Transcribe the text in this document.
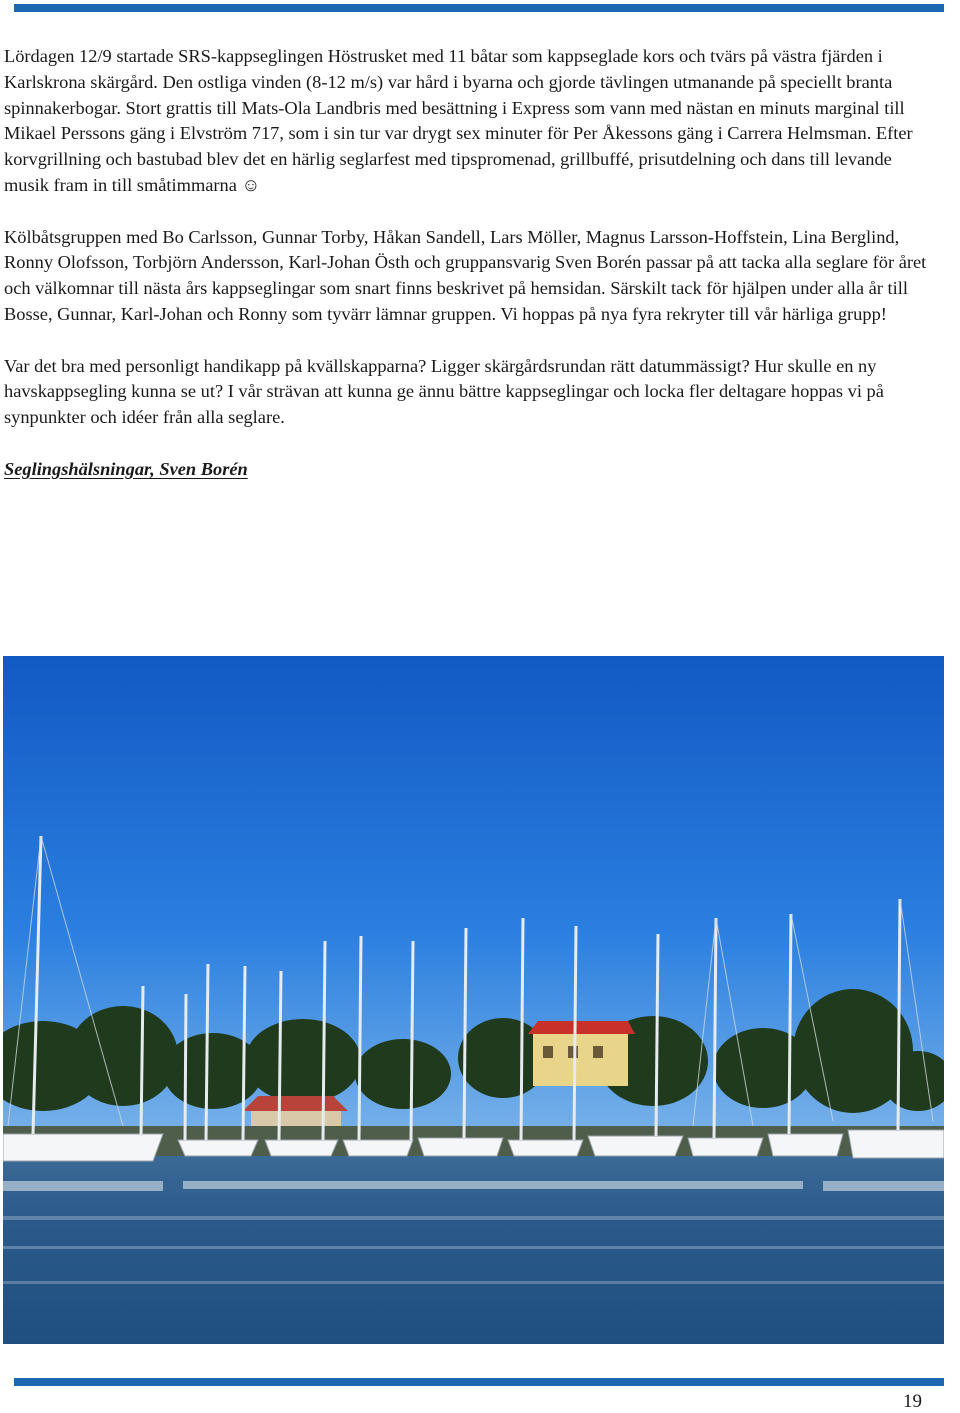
Lördagen 12/9 startade SRS-kappseglingen Höstrusket med 11 båtar som kappseglade kors och tvärs på västra fjärden i Karlskrona skärgård. Den ostliga vinden (8-12 m/s) var hård i byarna och gjorde tävlingen utmanande på speciellt branta spinnakerbogar. Stort grattis till Mats-Ola Landbris med besättning i Express som vann med nästan en minuts marginal till Mikael Perssons gäng i Elvström 717, som i sin tur var drygt sex minuter för Per Åkessons gäng i Carrera Helmsman. Efter korvgrillning och bastubad blev det en härlig seglarfest med tipspromenad, grillbuffé, prisutdelning och dans till levande musik fram in till småtimmarna ☺

Kölbåtsgruppen med Bo Carlsson, Gunnar Torby, Håkan Sandell, Lars Möller, Magnus Larsson-Hoffstein, Lina Berglind, Ronny Olofsson, Torbjörn Andersson, Karl-Johan Östh och gruppansvarig Sven Borén passar på att tacka alla seglare för året och välkomnar till nästa års kappseglingar som snart finns beskrivet på hemsidan. Särskilt tack för hjälpen under alla år till Bosse, Gunnar, Karl-Johan och Ronny som tyvärr lämnar gruppen. Vi hoppas på nya fyra rekryter till vår härliga grupp!

Var det bra med personligt handikapp på kvällskapparna? Ligger skärgårdsrundan rätt datummässigt? Hur skulle en ny havskappsegling kunna se ut? I vår strävan att kunna ge ännu bättre kappseglingar och locka fler deltagare hoppas vi på synpunkter och idéer från alla seglare.

Seglingshälsningar, Sven Borén

19
